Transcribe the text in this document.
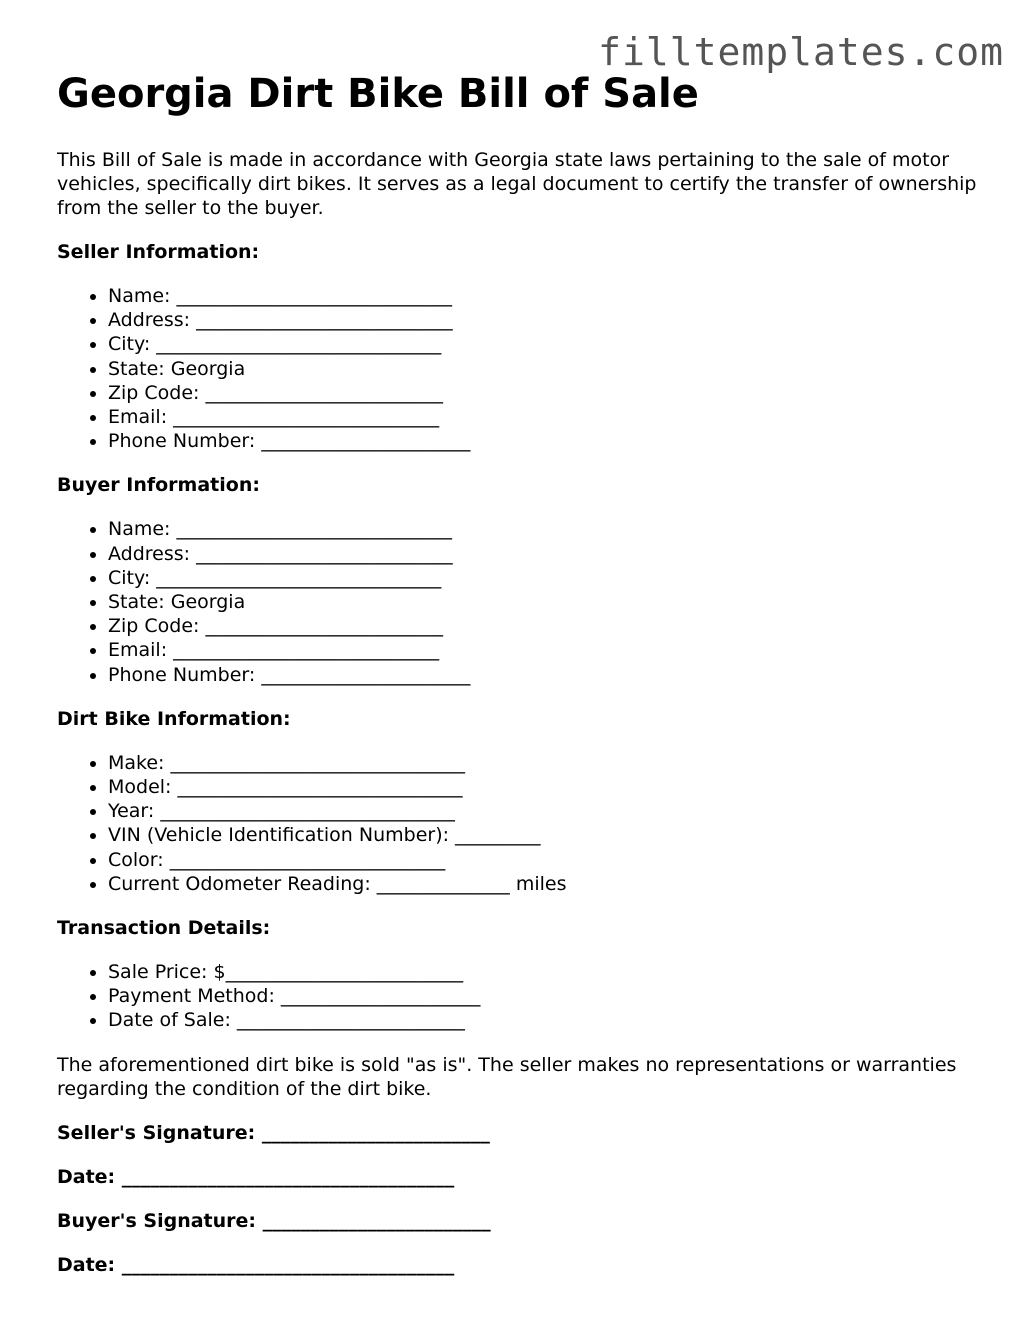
filltemplates.com
Georgia Dirt Bike Bill of Sale

This Bill of Sale is made in accordance with Georgia state laws pertaining to the sale of motor vehicles, specifically dirt bikes. It serves as a legal document to certify the transfer of ownership from the seller to the buyer.

Seller Information:
• Name: _____________________________
• Address: ___________________________
• City: ______________________________
• State: Georgia
• Zip Code: _________________________
• Email: ____________________________
• Phone Number: ______________________
Buyer Information:
• Name: _____________________________
• Address: ___________________________
• City: ______________________________
• State: Georgia
• Zip Code: _________________________
• Email: ____________________________
• Phone Number: ______________________
Dirt Bike Information:
• Make: _______________________________
• Model: ______________________________
• Year: _______________________________
• VIN (Vehicle Identification Number): _________
• Color: _____________________________
• Current Odometer Reading: ______________ miles
Transaction Details:
• Sale Price: $_________________________
• Payment Method: _____________________
• Date of Sale: ________________________

The aforementioned dirt bike is sold "as is". The seller makes no representations or warranties regarding the condition of the dirt bike.

Seller's Signature: ________________________
Date: ___________________________________
Buyer's Signature: ________________________
Date: ___________________________________
